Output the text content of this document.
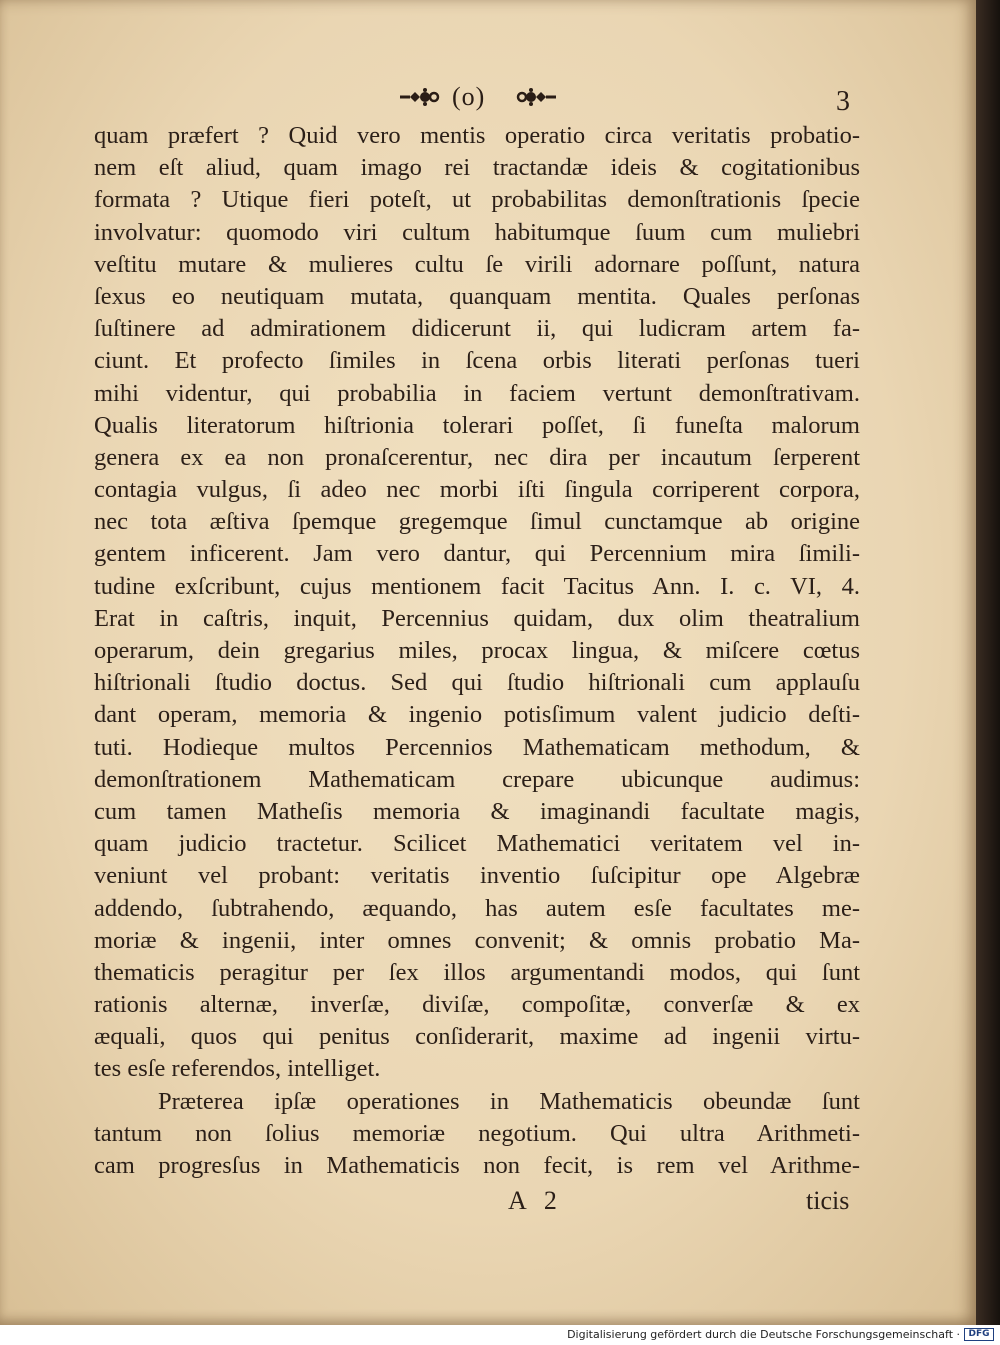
(o)	3
quam præfert ? Quid vero mentis operatio circa veritatis probatio-
nem eſt aliud, quam imago rei tractandæ ideis & cogitationibus
formata ? Utique fieri poteſt, ut probabilitas demonſtrationis ſpecie
involvatur: quomodo viri cultum habitumque ſuum cum muliebri
veſtitu mutare & mulieres cultu ſe virili adornare poſſunt, natura
ſexus eo neutiquam mutata, quanquam mentita. Quales perſonas
ſuſtinere ad admirationem didicerunt ii, qui ludicram artem fa-
ciunt. Et profecto ſimiles in ſcena orbis literati perſonas tueri
mihi videntur, qui probabilia in faciem vertunt demonſtrativam.
Qualis literatorum hiſtrionia tolerari poſſet, ſi funeſta malorum
genera ex ea non pronaſcerentur, nec dira per incautum ſerperent
contagia vulgus, ſi adeo nec morbi iſti ſingula corriperent corpora,
nec tota æſtiva ſpemque gregemque ſimul cunctamque ab origine
gentem inficerent. Jam vero dantur, qui Percennium mira ſimili-
tudine exſcribunt, cujus mentionem facit Tacitus Ann. I. c. VI, 4.
Erat in caſtris, inquit, Percennius quidam, dux olim theatralium
operarum, dein gregarius miles, procax lingua, & miſcere cœtus
hiſtrionali ſtudio doctus. Sed qui ſtudio hiſtrionali cum applauſu
dant operam, memoria & ingenio potisſimum valent judicio deſti-
tuti. Hodieque multos Percennios Mathematicam methodum, &
demonſtrationem Mathematicam crepare ubicunque audimus:
cum tamen Matheſis memoria & imaginandi facultate magis,
quam judicio tractetur. Scilicet Mathematici veritatem vel in-
veniunt vel probant: veritatis inventio ſuſcipitur ope Algebræ
addendo, ſubtrahendo, æquando, has autem esſe facultates me-
moriæ & ingenii, inter omnes convenit; & omnis probatio Ma-
thematicis peragitur per ſex illos argumentandi modos, qui ſunt
rationis alternæ, inverſæ, diviſæ, compoſitæ, converſæ & ex
æquali, quos qui penitus conſiderarit, maxime ad ingenii virtu-
tes esſe referendos, intelliget.
Præterea ipſæ operationes in Mathematicis obeundæ ſunt
tantum non ſolius memoriæ negotium. Qui ultra Arithmeti-
cam progresſus in Mathematicis non fecit, is rem vel Arithme-
A 2	ticis
Digitalisierung gefördert durch die Deutsche Forschungsgemeinschaft · DFG
